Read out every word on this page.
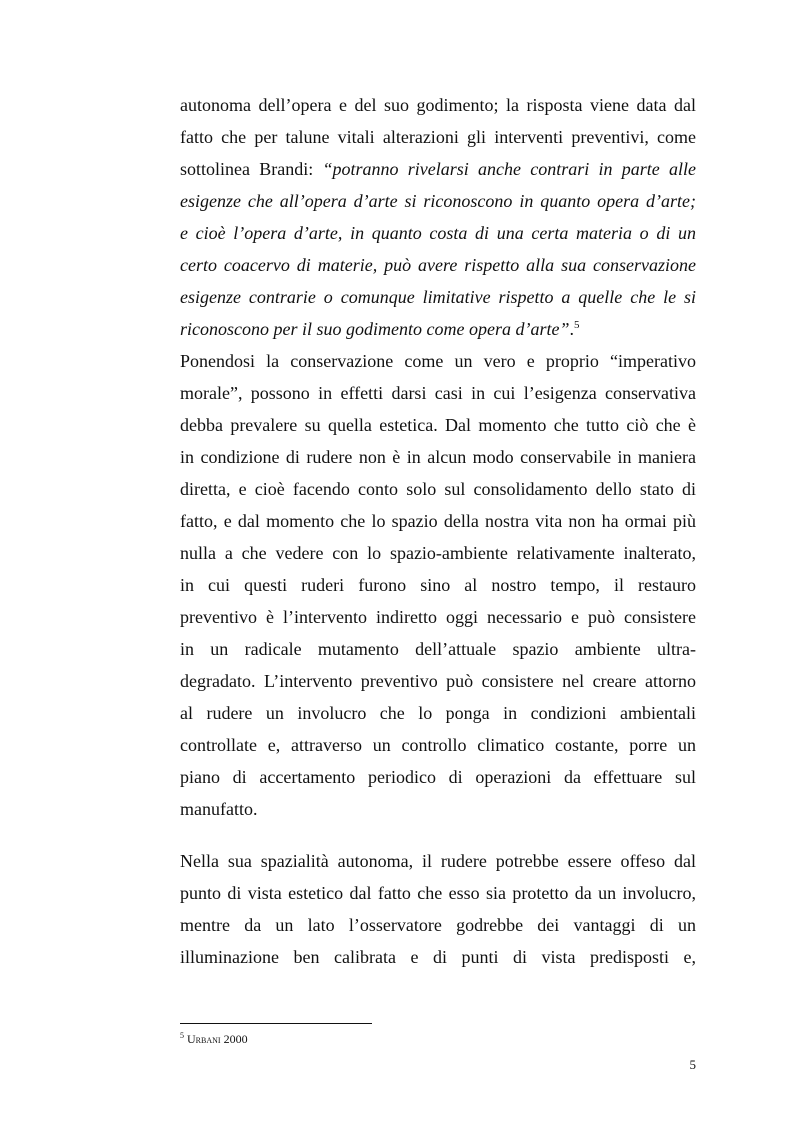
autonoma dell’opera e del suo godimento; la risposta viene data dal
fatto che per talune vitali alterazioni gli interventi preventivi, come
sottolinea Brandi: “potranno rivelarsi anche contrari in parte alle
esigenze che all’opera d’arte si riconoscono in quanto opera d’arte;
e cioè l’opera d’arte, in quanto costa di una certa materia o di un
certo coacervo di materie, può avere rispetto alla sua conservazione
esigenze contrarie o comunque limitative rispetto a quelle che le si
riconoscono per il suo godimento come opera d’arte”.$^5$
Ponendosi la conservazione come un vero e proprio “imperativo
morale”, possono in effetti darsi casi in cui l’esigenza conservativa
debba prevalere su quella estetica. Dal momento che tutto ciò che è
in condizione di rudere non è in alcun modo conservabile in maniera
diretta, e cioè facendo conto solo sul consolidamento dello stato di
fatto, e dal momento che lo spazio della nostra vita non ha ormai più
nulla a che vedere con lo spazio-ambiente relativamente inalterato,
in cui questi ruderi furono sino al nostro tempo, il restauro
preventivo è l’intervento indiretto oggi necessario e può consistere
in un radicale mutamento dell’attuale spazio ambiente ultra-
degradato. L’intervento preventivo può consistere nel creare attorno
al rudere un involucro che lo ponga in condizioni ambientali
controllate e, attraverso un controllo climatico costante, porre un
piano di accertamento periodico di operazioni da effettuare sul
manufatto.
Nella sua spazialità autonoma, il rudere potrebbe essere offeso dal
punto di vista estetico dal fatto che esso sia protetto da un involucro,
mentre da un lato l’osservatore godrebbe dei vantaggi di un
illuminazione ben calibrata e di punti di vista predisposti e,
$^5$ Urbani 2000
5
